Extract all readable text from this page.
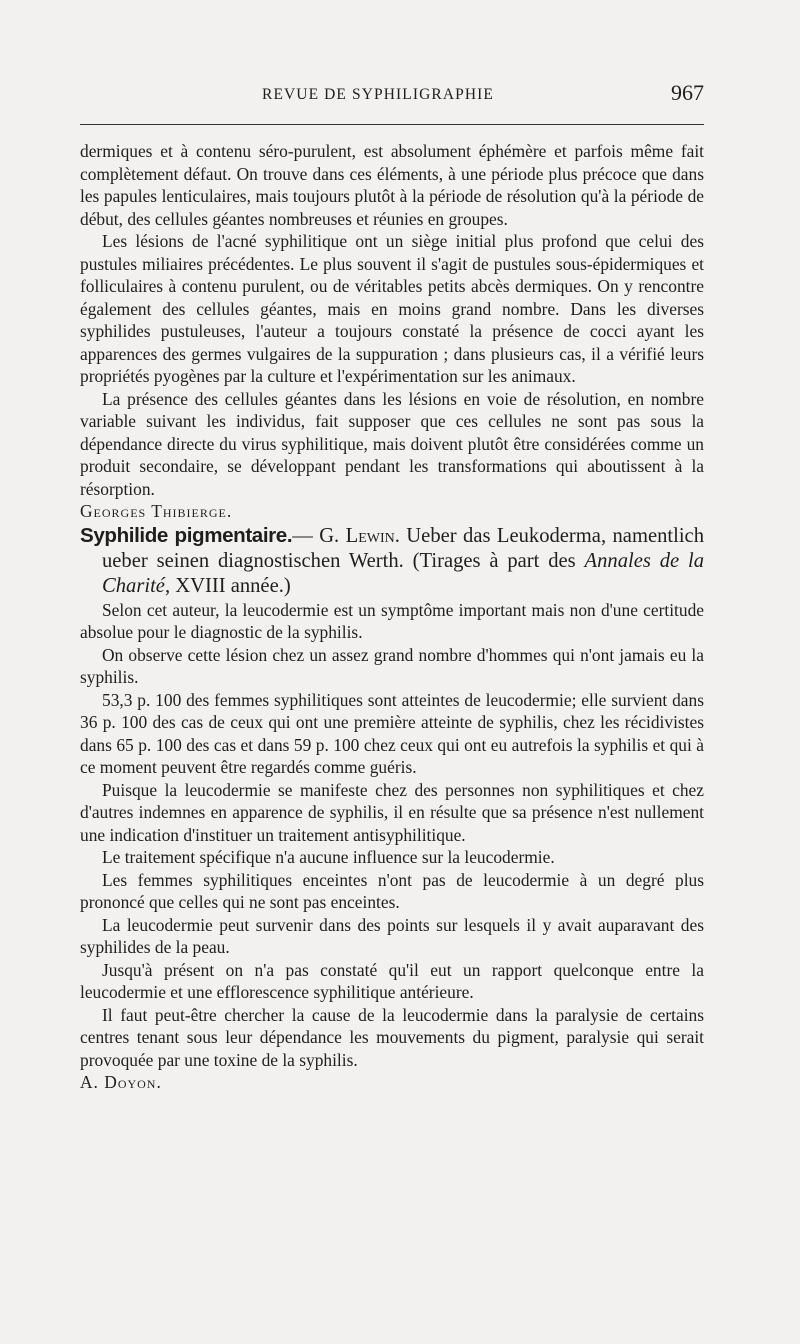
REVUE DE SYPHILIGRAPHIE	967

dermiques et à contenu séro-purulent, est absolument éphémère et parfois même fait complètement défaut. On trouve dans ces éléments, à une période plus précoce que dans les papules lenticulaires, mais toujours plutôt à la période de résolution qu'à la période de début, des cellules géantes nombreuses et réunies en groupes.

Les lésions de l'acné syphilitique ont un siège initial plus profond que celui des pustules miliaires précédentes. Le plus souvent il s'agit de pustules sous-épidermiques et folliculaires à contenu purulent, ou de véritables petits abcès dermiques. On y rencontre également des cellules géantes, mais en moins grand nombre. Dans les diverses syphilides pustuleuses, l'auteur a toujours constaté la présence de cocci ayant les apparences des germes vulgaires de la suppuration ; dans plusieurs cas, il a vérifié leurs propriétés pyogènes par la culture et l'expérimentation sur les animaux.

La présence des cellules géantes dans les lésions en voie de résolution, en nombre variable suivant les individus, fait supposer que ces cellules ne sont pas sous la dépendance directe du virus syphilitique, mais doivent plutôt être considérées comme un produit secondaire, se développant pendant les transformations qui aboutissent à la résorption.

Georges Thibierge.

Syphilide pigmentaire.— G. Lewin. Ueber das Leukoderma, namentlich ueber seinen diagnostischen Werth. (Tirages à part des Annales de la Charité, XVIII année.)

Selon cet auteur, la leucodermie est un symptôme important mais non d'une certitude absolue pour le diagnostic de la syphilis.

On observe cette lésion chez un assez grand nombre d'hommes qui n'ont jamais eu la syphilis.

53,3 p. 100 des femmes syphilitiques sont atteintes de leucodermie; elle survient dans 36 p. 100 des cas de ceux qui ont une première atteinte de syphilis, chez les récidivistes dans 65 p. 100 des cas et dans 59 p. 100 chez ceux qui ont eu autrefois la syphilis et qui à ce moment peuvent être regardés comme guéris.

Puisque la leucodermie se manifeste chez des personnes non syphilitiques et chez d'autres indemnes en apparence de syphilis, il en résulte que sa présence n'est nullement une indication d'instituer un traitement antisyphilitique.

Le traitement spécifique n'a aucune influence sur la leucodermie.

Les femmes syphilitiques enceintes n'ont pas de leucodermie à un degré plus prononcé que celles qui ne sont pas enceintes.

La leucodermie peut survenir dans des points sur lesquels il y avait auparavant des syphilides de la peau.

Jusqu'à présent on n'a pas constaté qu'il eut un rapport quelconque entre la leucodermie et une efflorescence syphilitique antérieure.

Il faut peut-être chercher la cause de la leucodermie dans la paralysie de certains centres tenant sous leur dépendance les mouvements du pigment, paralysie qui serait provoquée par une toxine de la syphilis.

A. Doyon.
